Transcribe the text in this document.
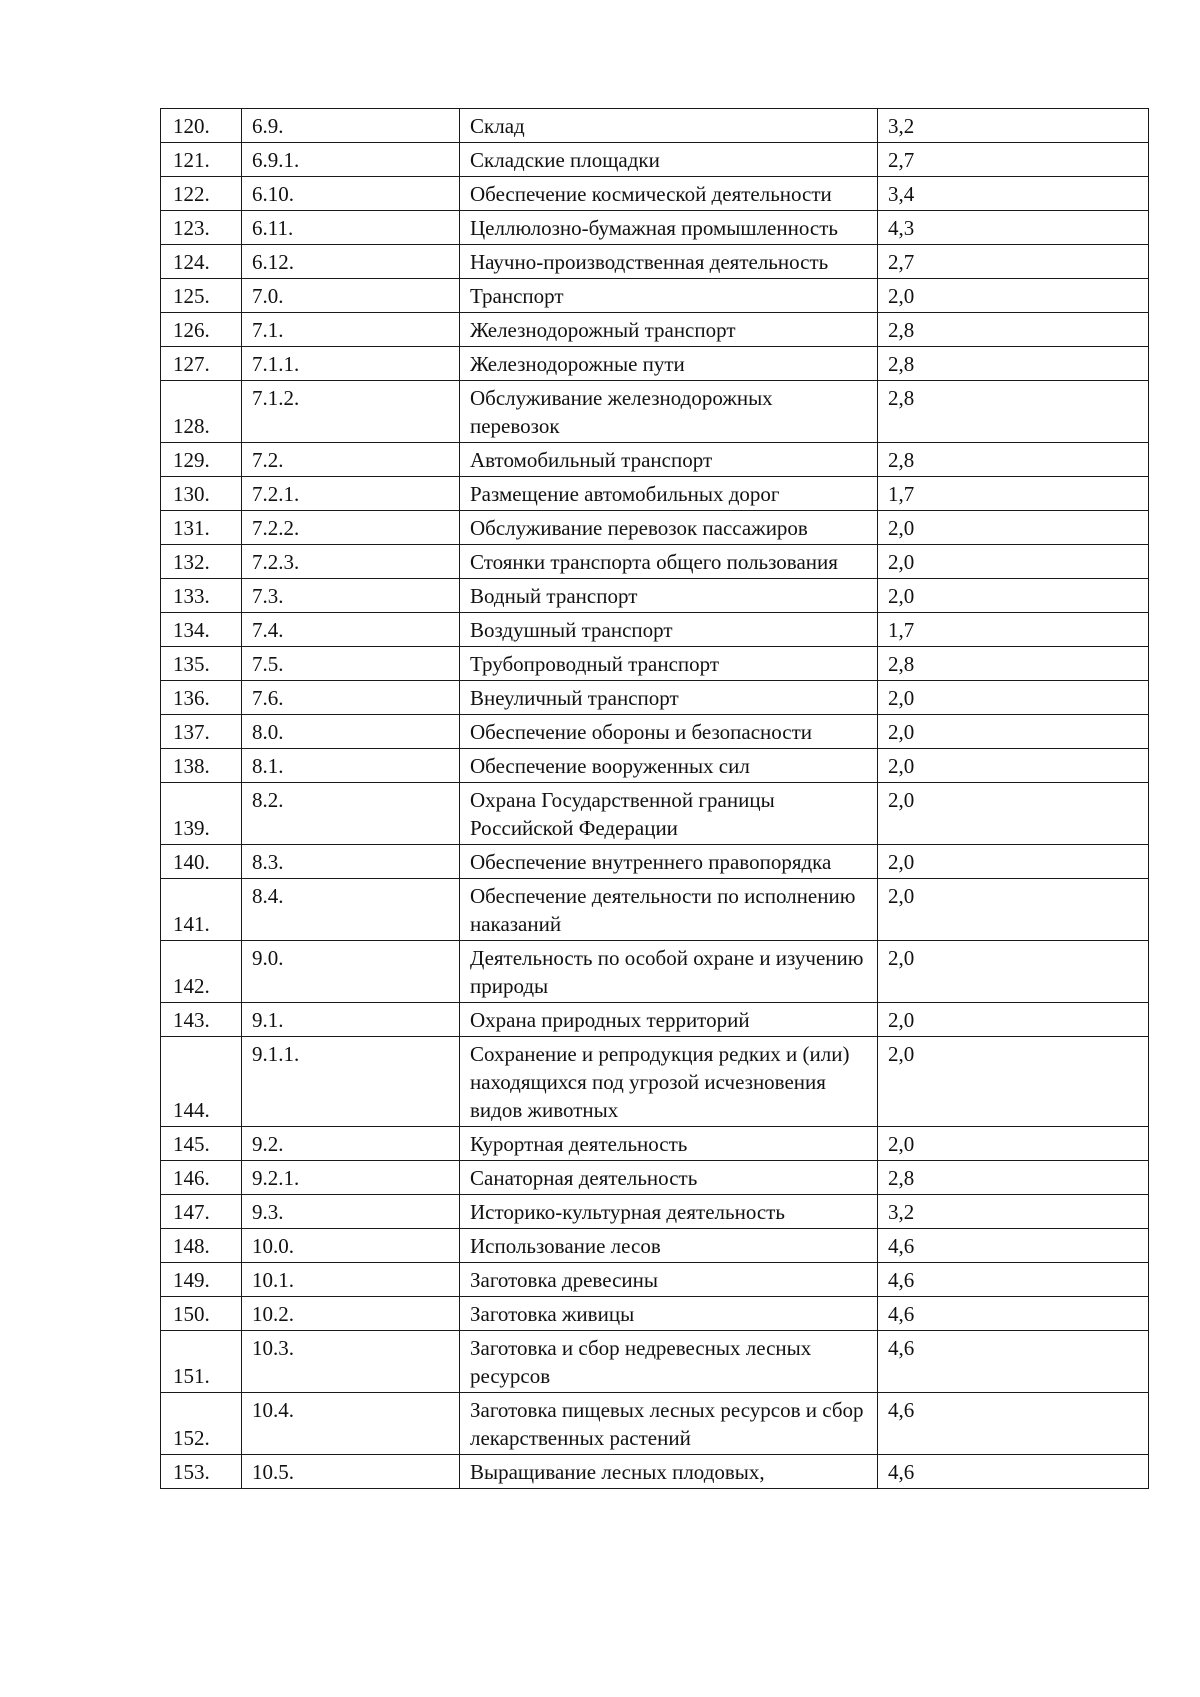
120.	6.9.	Склад	3,2
121.	6.9.1.	Складские площадки	2,7
122.	6.10.	Обеспечение космической деятельности	3,4
123.	6.11.	Целлюлозно-бумажная промышленность	4,3
124.	6.12.	Научно-производственная деятельность	2,7
125.	7.0.	Транспорт	2,0
126.	7.1.	Железнодорожный транспорт	2,8
127.	7.1.1.	Железнодорожные пути	2,8
128.	7.1.2.	Обслуживание железнодорожных перевозок	2,8
129.	7.2.	Автомобильный транспорт	2,8
130.	7.2.1.	Размещение автомобильных дорог	1,7
131.	7.2.2.	Обслуживание перевозок пассажиров	2,0
132.	7.2.3.	Стоянки транспорта общего пользования	2,0
133.	7.3.	Водный транспорт	2,0
134.	7.4.	Воздушный транспорт	1,7
135.	7.5.	Трубопроводный транспорт	2,8
136.	7.6.	Внеуличный транспорт	2,0
137.	8.0.	Обеспечение обороны и безопасности	2,0
138.	8.1.	Обеспечение вооруженных сил	2,0
139.	8.2.	Охрана Государственной границы Российской Федерации	2,0
140.	8.3.	Обеспечение внутреннего правопорядка	2,0
141.	8.4.	Обеспечение деятельности по исполнению наказаний	2,0
142.	9.0.	Деятельность по особой охране и изучению природы	2,0
143.	9.1.	Охрана природных территорий	2,0
144.	9.1.1.	Сохранение и репродукция редких и (или) находящихся под угрозой исчезновения видов животных	2,0
145.	9.2.	Курортная деятельность	2,0
146.	9.2.1.	Санаторная деятельность	2,8
147.	9.3.	Историко-культурная деятельность	3,2
148.	10.0.	Использование лесов	4,6
149.	10.1.	Заготовка древесины	4,6
150.	10.2.	Заготовка живицы	4,6
151.	10.3.	Заготовка и сбор недревесных лесных ресурсов	4,6
152.	10.4.	Заготовка пищевых лесных ресурсов и сбор лекарственных растений	4,6
153.	10.5.	Выращивание лесных плодовых,	4,6
